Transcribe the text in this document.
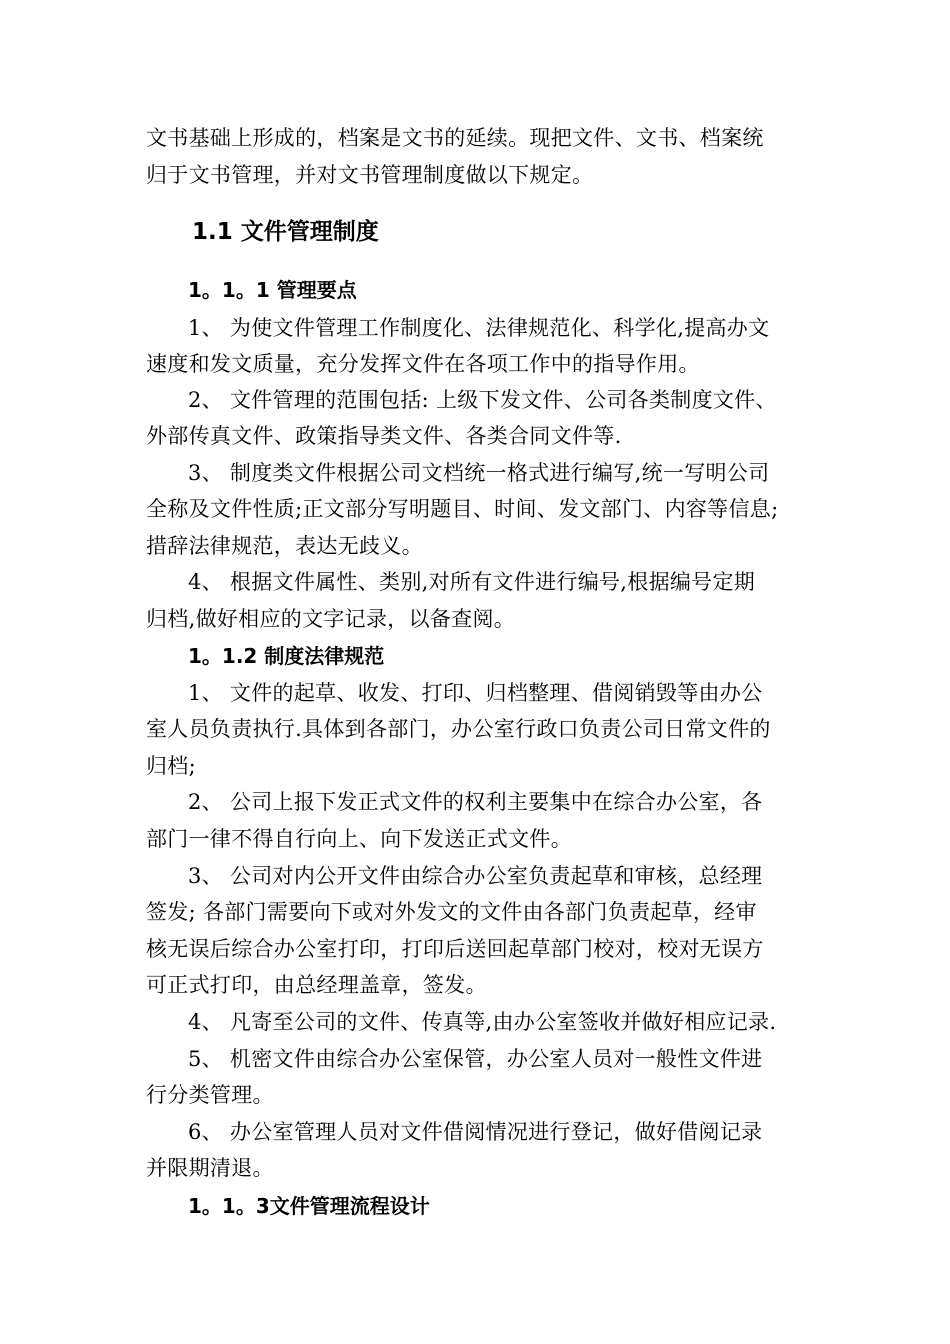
文书基础上形成的，档案是文书的延续。现把文件、文书、档案统
归于文书管理，并对文书管理制度做以下规定。
1.1 文件管理制度
1。1。1 管理要点
1、 为使文件管理工作制度化、法律规范化、科学化,提高办文
速度和发文质量，充分发挥文件在各项工作中的指导作用。
2、 文件管理的范围包括: 上级下发文件、公司各类制度文件、
外部传真文件、政策指导类文件、各类合同文件等.
3、 制度类文件根据公司文档统一格式进行编写,统一写明公司
全称及文件性质;正文部分写明题目、时间、发文部门、内容等信息;
措辞法律规范，表达无歧义。
4、 根据文件属性、类别,对所有文件进行编号,根据编号定期
归档,做好相应的文字记录，以备查阅。
1。1.2 制度法律规范
1、 文件的起草、收发、打印、归档整理、借阅销毁等由办公
室人员负责执行.具体到各部门，办公室行政口负责公司日常文件的
归档;
2、 公司上报下发正式文件的权利主要集中在综合办公室，各
部门一律不得自行向上、向下发送正式文件。
3、 公司对内公开文件由综合办公室负责起草和审核，总经理
签发; 各部门需要向下或对外发文的文件由各部门负责起草，经审
核无误后综合办公室打印，打印后送回起草部门校对，校对无误方
可正式打印，由总经理盖章，签发。
4、 凡寄至公司的文件、传真等,由办公室签收并做好相应记录.
5、 机密文件由综合办公室保管，办公室人员对一般性文件进
行分类管理。
6、 办公室管理人员对文件借阅情况进行登记，做好借阅记录
并限期清退。
1。1。3文件管理流程设计
